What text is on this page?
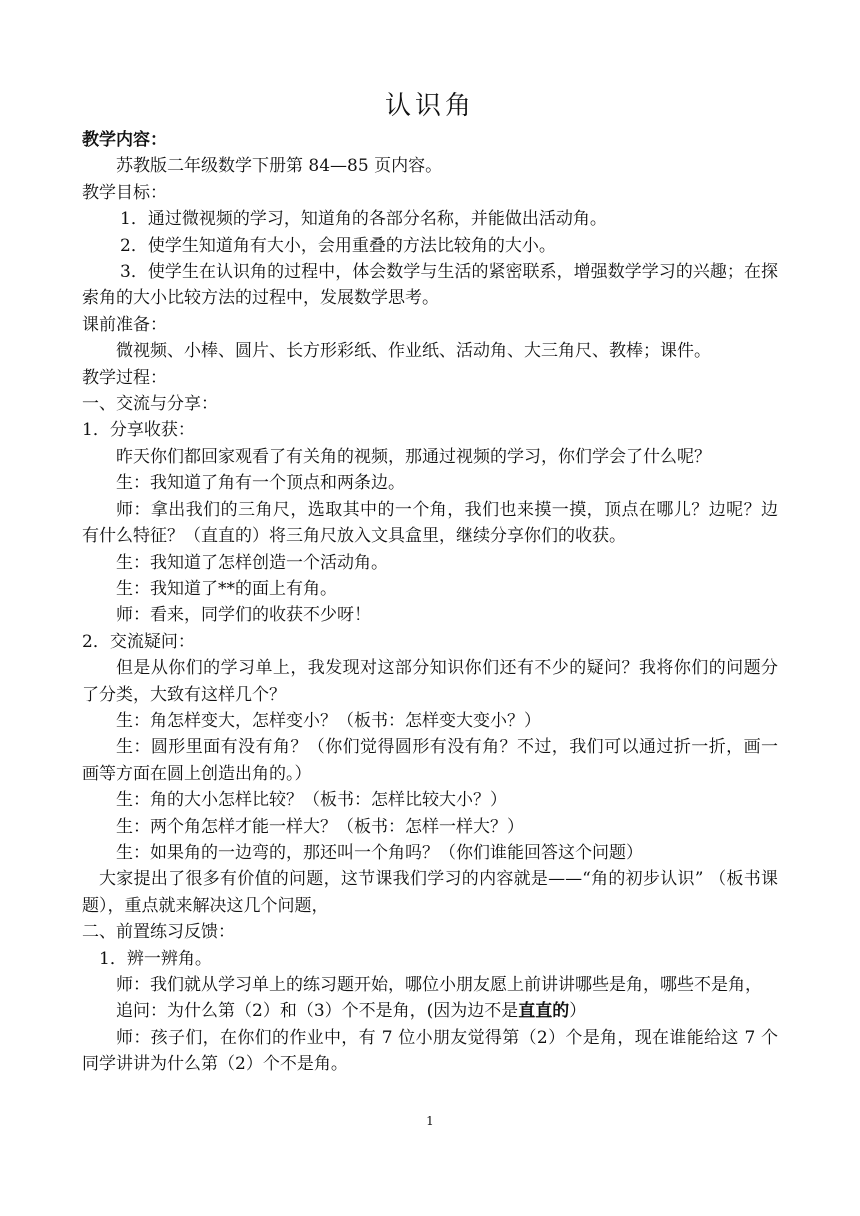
认识角

教学内容：

苏教版二年级数学下册第 84—85 页内容。

教学目标：

1．通过微视频的学习，知道角的各部分名称，并能做出活动角。

2．使学生知道角有大小，会用重叠的方法比较角的大小。

3．使学生在认识角的过程中，体会数学与生活的紧密联系，增强数学学习的兴趣；在探索角的大小比较方法的过程中，发展数学思考。

课前准备：

微视频、小棒、圆片、长方形彩纸、作业纸、活动角、大三角尺、教棒；课件。

教学过程：

一、交流与分享：

1．分享收获：

昨天你们都回家观看了有关角的视频，那通过视频的学习，你们学会了什么呢？

生：我知道了角有一个顶点和两条边。

师：拿出我们的三角尺，选取其中的一个角，我们也来摸一摸，顶点在哪儿？边呢？边有什么特征？（直直的）将三角尺放入文具盒里，继续分享你们的收获。

生：我知道了怎样创造一个活动角。

生：我知道了**的面上有角。

师：看来，同学们的收获不少呀！

2．交流疑问：

但是从你们的学习单上，我发现对这部分知识你们还有不少的疑问？我将你们的问题分了分类，大致有这样几个？

生：角怎样变大，怎样变小？（板书：怎样变大变小？）

生：圆形里面有没有角？（你们觉得圆形有没有角？不过，我们可以通过折一折，画一画等方面在圆上创造出角的。）

生：角的大小怎样比较？（板书：怎样比较大小？）

生：两个角怎样才能一样大？（板书：怎样一样大？）

生：如果角的一边弯的，那还叫一个角吗？（你们谁能回答这个问题）

大家提出了很多有价值的问题，这节课我们学习的内容就是——“角的初步认识” （板书课题），重点就来解决这几个问题，

二、前置练习反馈：

1．辨一辨角。

师：我们就从学习单上的练习题开始，哪位小朋友愿上前讲讲哪些是角，哪些不是角，

追问：为什么第（2）和（3）个不是角，(因为边不是直直的）

师：孩子们，在你们的作业中，有 7 位小朋友觉得第（2）个是角，现在谁能给这 7 个同学讲讲为什么第（2）个不是角。

1
